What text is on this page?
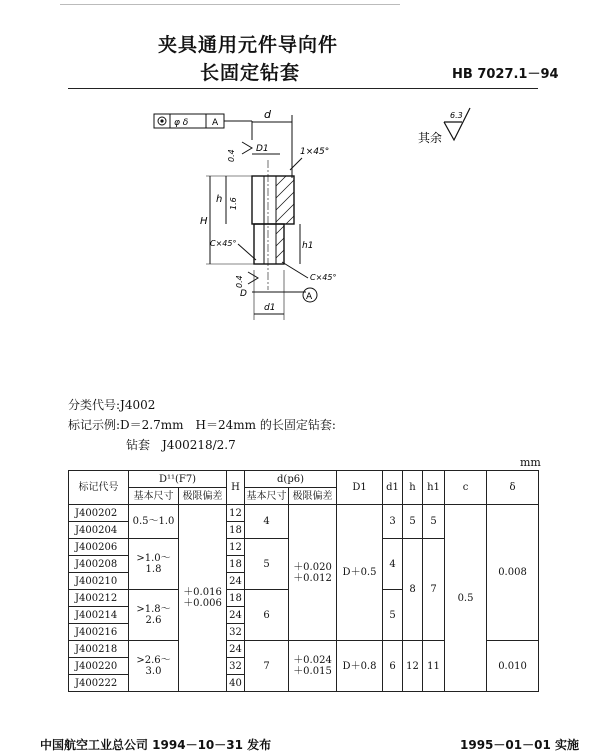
夹具通用元件导向件
长固定钻套	HB 7027.1－94
φ δ	A
d
D1	1×45°
0.4
H
h 1.6
h1
C×45°
C×45°
0.4
D	A
d1
其余
6.3
分类代号:J4002
标记示例:D＝2.7mm　H＝24mm 的长固定钻套:
钻套　J400218/2.7
mm
标记代号	D¹¹(F7)		H	d(p6)		D1	d1	h	h1	c	δ
	基本尺寸	极限偏差		基本尺寸	极限偏差						
J400202	0.5～1.0	＋0.016
＋0.006	12	4	＋0.020
＋0.012	D＋0.5	3	5	5	0.5	0.008
J400204			18								
J400206	>1.0～1.8		12	5			4	8	7		
J400208			18								
J400210			24								
J400212	>1.8～2.6		18	6			5				
J400214			24								
J400216			32								
J400218	>2.6～3.0		24	7	＋0.024
＋0.015	D＋0.8	6	12	11		0.010
J400220			32								
J400222			40								
中国航空工业总公司 1994－10－31 发布	1995－01－01 实施
